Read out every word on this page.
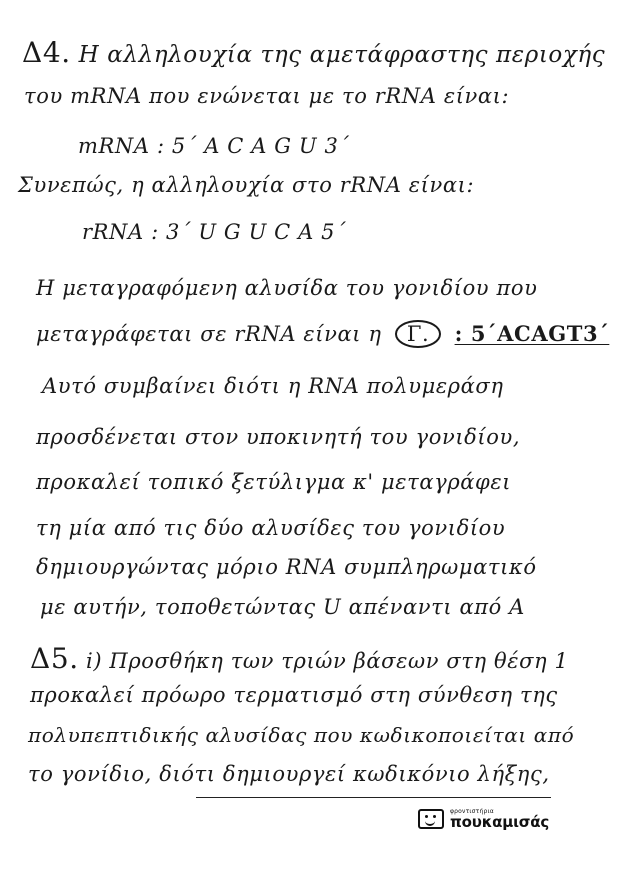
Δ4. Η αλληλουχία της αμετάφραστης περιοχής
του mRNA που ενώνεται με το rRNA είναι:
mRNA : 5΄ A C A G U 3΄
Συνεπώς, η αλληλουχία στο rRNA είναι:
rRNA : 3΄ U G U C A 5΄
Η μεταγραφόμενη αλυσίδα του γονιδίου που
μεταγράφεται σε rRNA είναι η Γ. : 5΄ACAGT3΄
Αυτό συμβαίνει διότι η RNA πολυμεράση
προσδένεται στον υποκινητή του γονιδίου,
προκαλεί τοπικό ξετύλιγμα κ' μεταγράφει
τη μία από τις δύο αλυσίδες του γονιδίου
δημιουργώντας μόριο RNA συμπληρωματικό
με αυτήν, τοποθετώντας U απέναντι από A
Δ5. i) Προσθήκη των τριών βάσεων στη θέση 1
προκαλεί πρόωρο τερματισμό στη σύνθεση της
πολυπεπτιδικής αλυσίδας που κωδικοποιείται από
το γονίδιο, διότι δημιουργεί κωδικόνιο λήξης,
φροντιστήρια
πουκαμισάς
